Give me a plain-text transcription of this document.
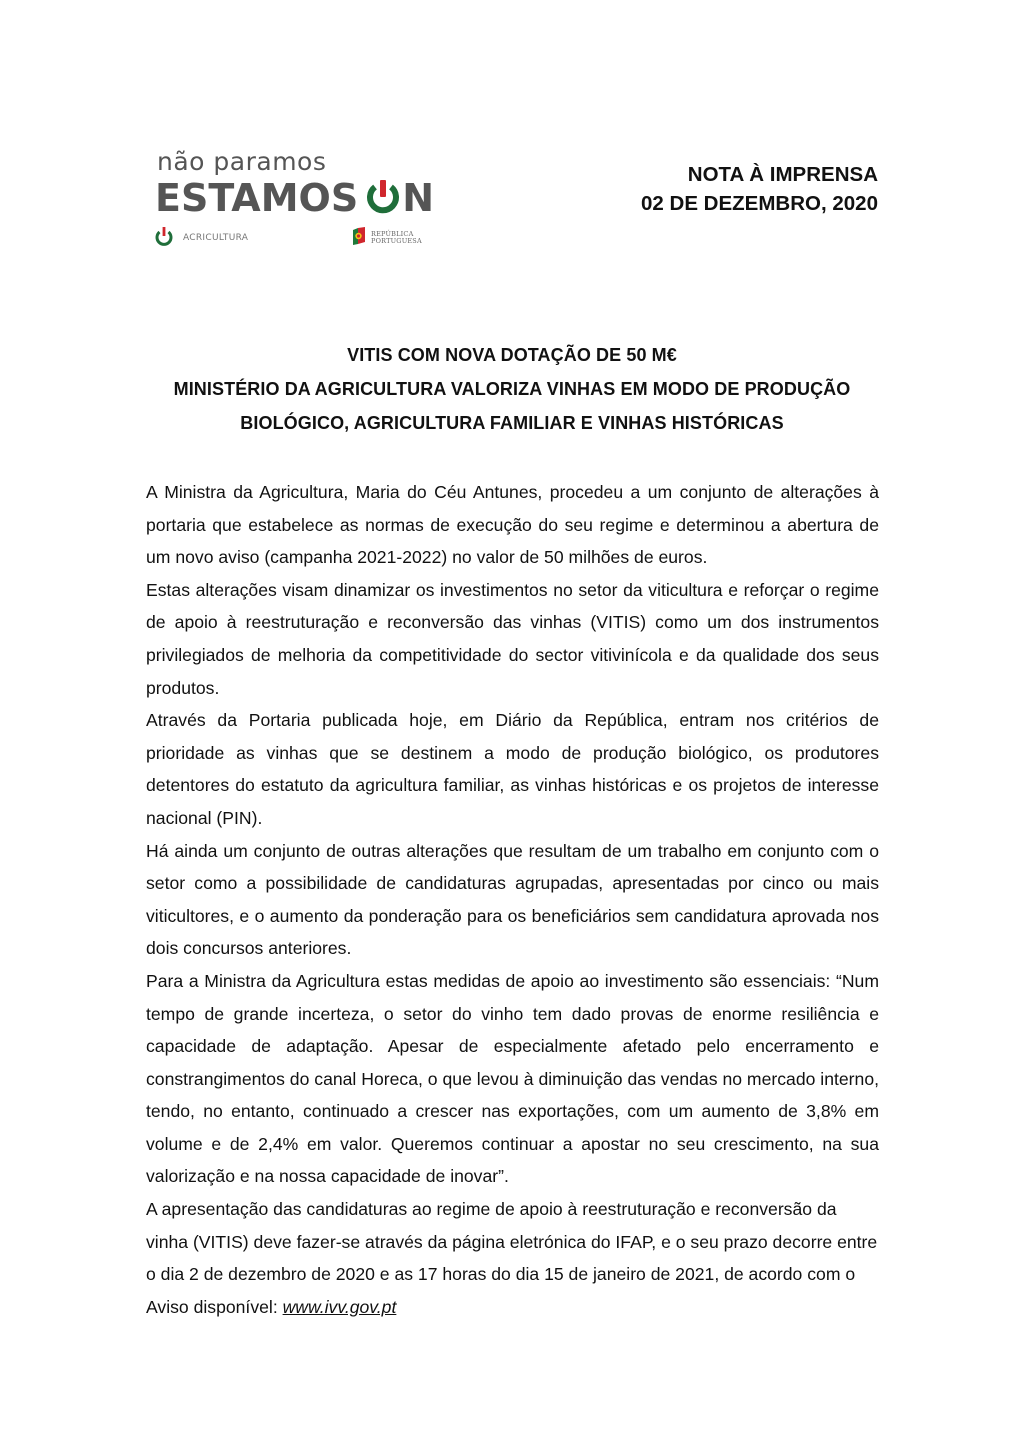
não paramos
ESTAMOS N
ACRICULTURA	REPÚBLICA
PORTUGUESA
NOTA À IMPRENSA
02 DE DEZEMBRO, 2020
VITIS COM NOVA DOTAÇÃO DE 50 M€
MINISTÉRIO DA AGRICULTURA VALORIZA VINHAS EM MODO DE PRODUÇÃO
BIOLÓGICO, AGRICULTURA FAMILIAR E VINHAS HISTÓRICAS

A Ministra da Agricultura, Maria do Céu Antunes, procedeu a um conjunto de alterações à portaria que estabelece as normas de execução do seu regime e determinou a abertura de um novo aviso (campanha 2021-2022) no valor de 50 milhões de euros.

Estas alterações visam dinamizar os investimentos no setor da viticultura e reforçar o regime de apoio à reestruturação e reconversão das vinhas (VITIS) como um dos instrumentos privilegiados de melhoria da competitividade do sector vitivinícola e da qualidade dos seus produtos.

Através da Portaria publicada hoje, em Diário da República, entram nos critérios de prioridade as vinhas que se destinem a modo de produção biológico, os produtores detentores do estatuto da agricultura familiar, as vinhas históricas e os projetos de interesse nacional (PIN).

Há ainda um conjunto de outras alterações que resultam de um trabalho em conjunto com o setor como a possibilidade de candidaturas agrupadas, apresentadas por cinco ou mais viticultores, e o aumento da ponderação para os beneficiários sem candidatura aprovada nos dois concursos anteriores.

Para a Ministra da Agricultura estas medidas de apoio ao investimento são essenciais: “Num tempo de grande incerteza, o setor do vinho tem dado provas de enorme resiliência e capacidade de adaptação. Apesar de especialmente afetado pelo encerramento e constrangimentos do canal Horeca, o que levou à diminuição das vendas no mercado interno, tendo, no entanto, continuado a crescer nas exportações, com um aumento de 3,8% em volume e de 2,4% em valor. Queremos continuar a apostar no seu crescimento, na sua valorização e na nossa capacidade de inovar”.

A apresentação das candidaturas ao regime de apoio à reestruturação e reconversão da vinha (VITIS) deve fazer-se através da página eletrónica do IFAP, e o seu prazo decorre entre o dia 2 de dezembro de 2020 e as 17 horas do dia 15 de janeiro de 2021, de acordo com o Aviso disponível: www.ivv.gov.pt
